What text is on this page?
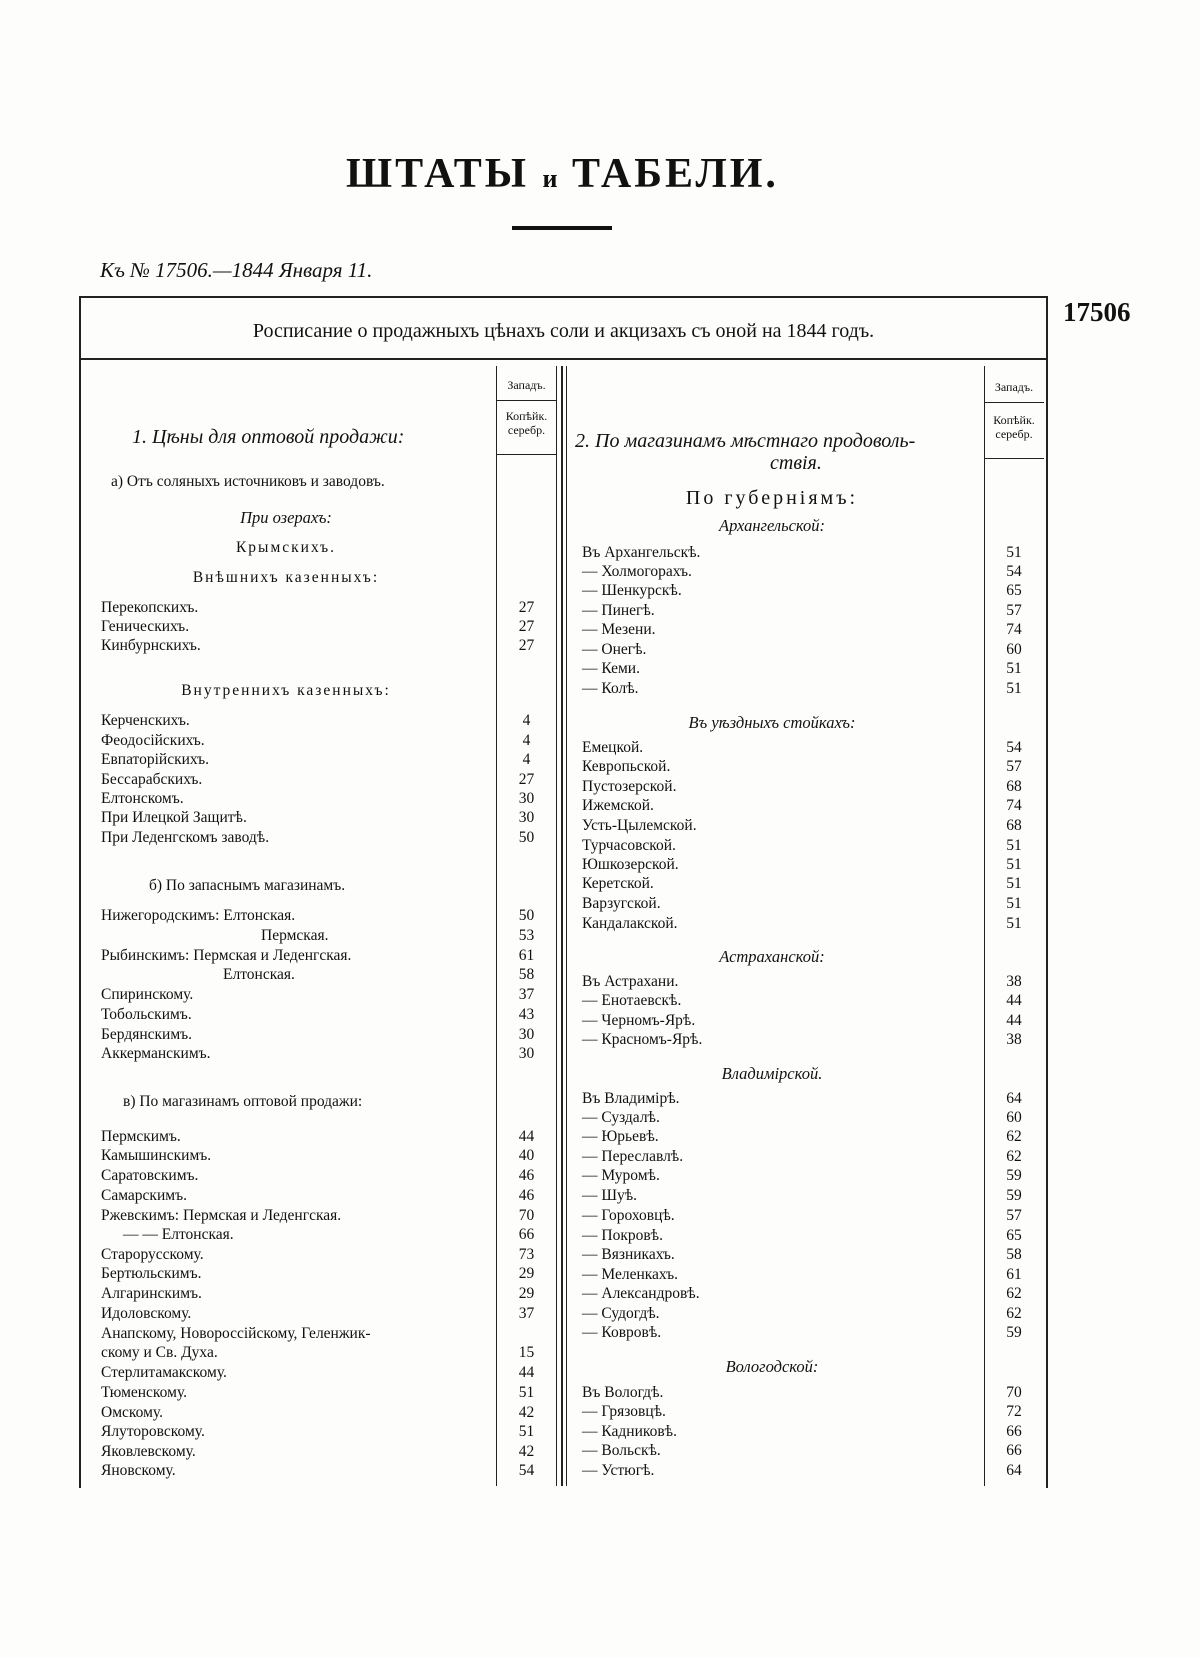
ШТАТЫ и ТАБЕЛИ.
Къ № 17506.—1844 Января 11.
17506
Росписание о продажныхъ цѣнахъ соли и акцизахъ съ оной на 1844 годъ.
Западъ.
Копѣйк.
серебр.
Западъ.
Копѣйк.
серебр.
1. Цѣны для оптовой продажи:	2. По магазинамъ мѣстнаго продоволь-
ствія.
а) Отъ соляныхъ источниковъ и заводовъ.
При озерахъ:
Крымскихъ.
Внѣшнихъ казенныхъ:
Перекопскихъ.	27
Геническихъ.	27
Кинбурнскихъ.	27
Внутреннихъ казенныхъ:
Керченскихъ.	4
Феодосійскихъ.	4
Евпаторійскихъ.	4
Бессарабскихъ.	27
Елтонскомъ.	30
При Илецкой Защитѣ.	30
При Леденгскомъ заводѣ.	50
б) По запаснымъ магазинамъ.
Нижегородскимъ: Елтонская.	50
Пермская.	53
Рыбинскимъ: Пермская и Леденгская.	61
Елтонская.	58
Спиринскому.	37
Тобольскимъ.	43
Бердянскимъ.	30
Аккерманскимъ.	30
в) По магазинамъ оптовой продажи:
Пермскимъ.	44
Камышинскимъ.	40
Саратовскимъ.	46
Самарскимъ.	46
Ржевскимъ: Пермская и Леденгская.	70
— — Елтонская.	66
Старорусскому.	73
Бертюльскимъ.	29
Алгаринскимъ.	29
Идоловскому.	37
Анапскому, Новороссійскому, Геленжик-
скому и Св. Духа.	15
Стерлитамакскому.	44
Тюменскому.	51
Омскому.	42
Ялуторовскому.	51
Яковлевскому.	42
Яновскому.	54
По губерніямъ:
Архангельской:
Въ Архангельскѣ.	51
— Холмогорахъ.	54
— Шенкурскѣ.	65
— Пинегѣ.	57
— Мезени.	74
— Онегѣ.	60
— Кеми.	51
— Колѣ.	51
Въ уѣздныхъ стойкахъ:
Емецкой.	54
Кевропьской.	57
Пустозерской.	68
Ижемской.	74
Усть-Цылемской.	68
Турчасовской.	51
Юшкозерской.	51
Керетской.	51
Варзугской.	51
Кандалакской.	51
Астраханской:
Въ Астрахани.	38
— Енотаевскѣ.	44
— Черномъ-Ярѣ.	44
— Красномъ-Ярѣ.	38
Владимірской.
Въ Владимірѣ.	64
— Суздалѣ.	60
— Юрьевѣ.	62
— Переславлѣ.	62
— Муромѣ.	59
— Шуѣ.	59
— Гороховцѣ.	57
— Покровѣ.	65
— Вязникахъ.	58
— Меленкахъ.	61
— Александровѣ.	62
— Судогдѣ.	62
— Ковровѣ.	59
Вологодской:
Въ Вологдѣ.	70
— Грязовцѣ.	72
— Кадниковѣ.	66
— Вольскѣ.	66
— Устюгѣ.	64
